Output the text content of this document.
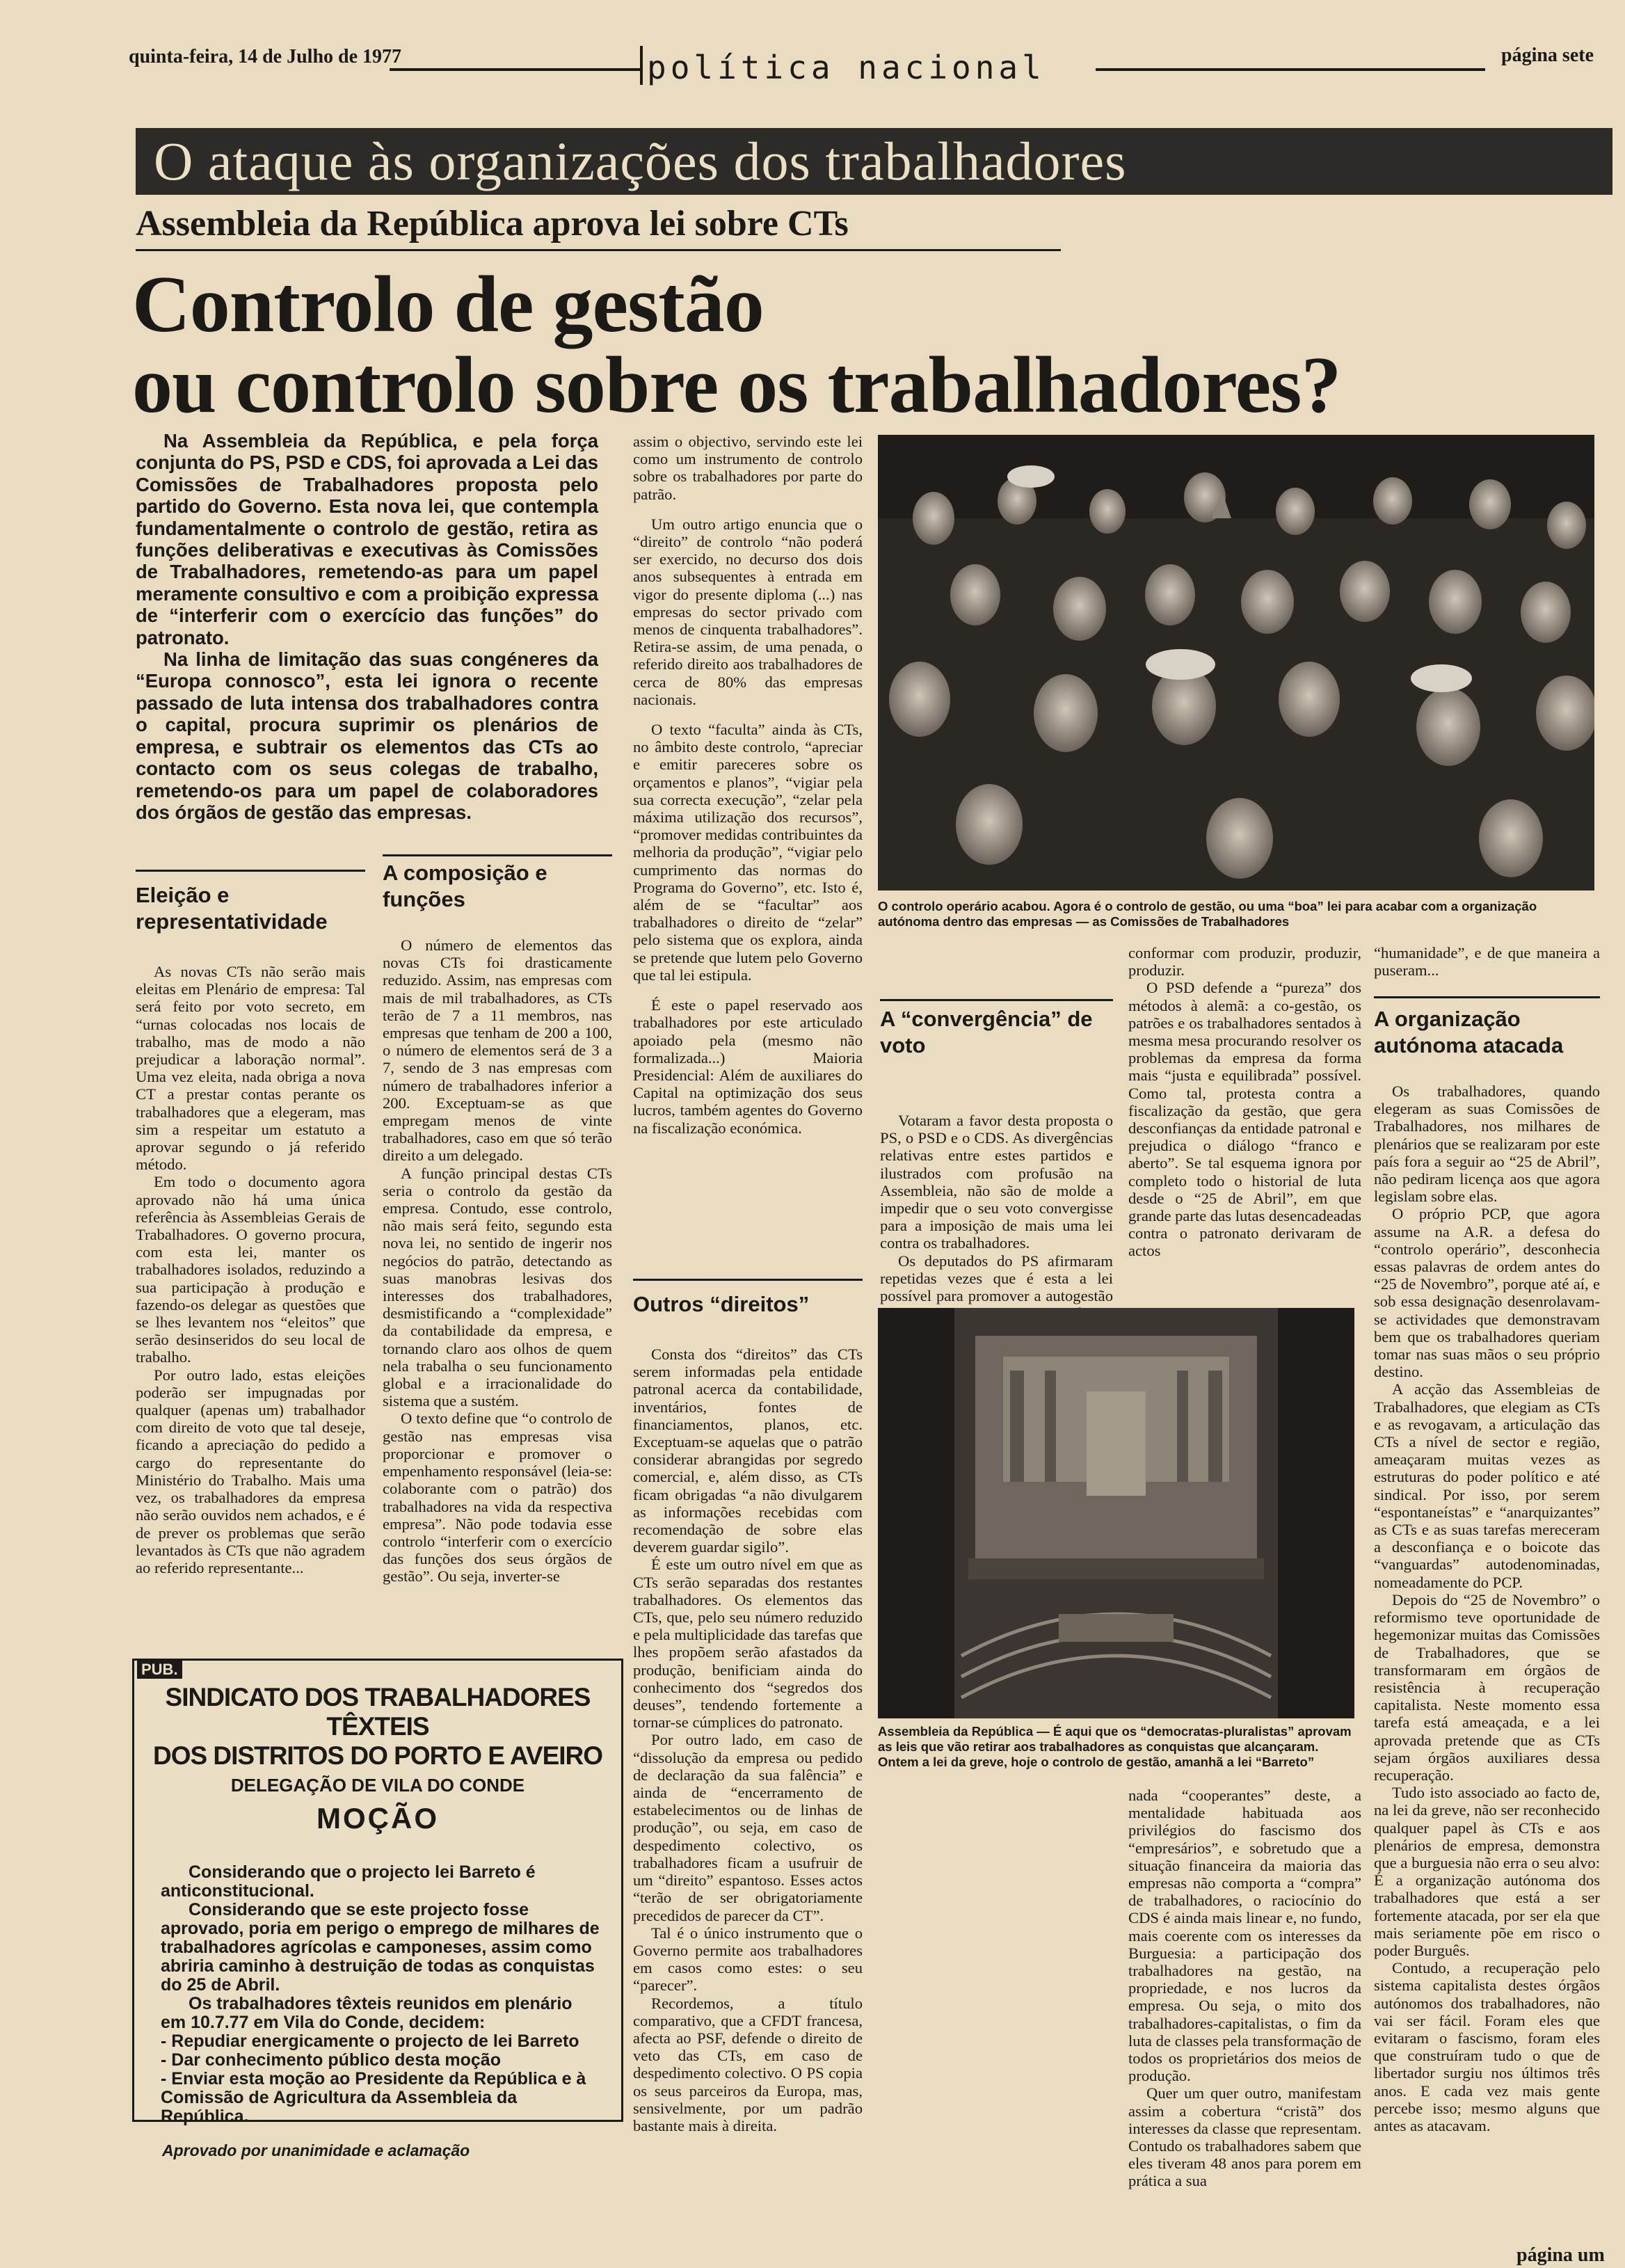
quinta-feira, 14 de Julho de 1977	política nacional	página sete
O ataque às organizações dos trabalhadores
Assembleia da República aprova lei sobre CTs
Controlo de gestão
ou controlo sobre os trabalhadores?

Na Assembleia da República, e pela força conjunta do PS, PSD e CDS, foi aprovada a Lei das Comissões de Trabalhadores proposta pelo partido do Governo. Esta nova lei, que contempla fundamentalmente o controlo de gestão, retira as funções deliberativas e executivas às Comissões de Trabalhadores, remetendo-as para um papel meramente consultivo e com a proibição expressa de “interferir com o exercício das funções” do patronato.

Na linha de limitação das suas congéneres da “Europa connosco”, esta lei ignora o recente passado de luta intensa dos trabalhadores contra o capital, procura suprimir os plenários de empresa, e subtrair os elementos das CTs ao contacto com os seus colegas de trabalho, remetendo-os para um papel de colaboradores dos órgãos de gestão das empresas.

Eleição e representatividade

As novas CTs não serão mais eleitas em Plenário de empresa: Tal será feito por voto secreto, em “urnas colocadas nos locais de trabalho, mas de modo a não prejudicar a laboração normal”. Uma vez eleita, nada obriga a nova CT a prestar contas perante os trabalhadores que a elegeram, mas sim a respeitar um estatuto a aprovar segundo o já referido método.

Em todo o documento agora aprovado não há uma única referência às Assembleias Gerais de Trabalhadores. O governo procura, com esta lei, manter os trabalhadores isolados, reduzindo a sua participação à produção e fazendo-os delegar as questões que se lhes levantem nos “eleitos” que serão desinseridos do seu local de trabalho.

Por outro lado, estas eleições poderão ser impugnadas por qualquer (apenas um) trabalhador com direito de voto que tal deseje, ficando a apreciação do pedido a cargo do representante do Ministério do Trabalho. Mais uma vez, os trabalhadores da empresa não serão ouvidos nem achados, e é de prever os problemas que serão levantados às CTs que não agradem ao referido representante...

A composição e funções

O número de elementos das novas CTs foi drasticamente reduzido. Assim, nas empresas com mais de mil trabalhadores, as CTs terão de 7 a 11 membros, nas empresas que tenham de 200 a 100, o número de elementos será de 3 a 7, sendo de 3 nas empresas com número de trabalhadores inferior a 200. Exceptuam-se as que empregam menos de vinte trabalhadores, caso em que só terão direito a um delegado.

A função principal destas CTs seria o controlo da gestão da empresa. Contudo, esse controlo, não mais será feito, segundo esta nova lei, no sentido de ingerir nos negócios do patrão, detectando as suas manobras lesivas dos interesses dos trabalhadores, desmistificando a “complexidade” da contabilidade da empresa, e tornando claro aos olhos de quem nela trabalha o seu funcionamento global e a irracionalidade do sistema que a sustém.

O texto define que “o controlo de gestão nas empresas visa proporcionar e promover o empenhamento responsável (leia-se: colaborante com o patrão) dos trabalhadores na vida da respectiva empresa”. Não pode todavia esse controlo “interferir com o exercício das funções dos seus órgãos de gestão”. Ou seja, inverter-se

assim o objectivo, servindo este lei como um instrumento de controlo sobre os trabalhadores por parte do patrão.

Um outro artigo enuncia que o “direito” de controlo “não poderá ser exercido, no decurso dos dois anos subsequentes à entrada em vigor do presente diploma (...) nas empresas do sector privado com menos de cinquenta trabalhadores”. Retira-se assim, de uma penada, o referido direito aos trabalhadores de cerca de 80% das empresas nacionais.

O texto “faculta” ainda às CTs, no âmbito deste controlo, “apreciar e emitir pareceres sobre os orçamentos e planos”, “vigiar pela sua correcta execução”, “zelar pela máxima utilização dos recursos”, “promover medidas contribuintes da melhoria da produção”, “vigiar pelo cumprimento das normas do Programa do Governo”, etc. Isto é, além de se “facultar” aos trabalhadores o direito de “zelar” pelo sistema que os explora, ainda se pretende que lutem pelo Governo que tal lei estipula.

É este o papel reservado aos trabalhadores por este articulado apoiado pela (mesmo não formalizada...) Maioria Presidencial: Além de auxiliares do Capital na optimização dos seus lucros, também agentes do Governo na fiscalização económica.

Outros “direitos”

Consta dos “direitos” das CTs serem informadas pela entidade patronal acerca da contabilidade, inventários, fontes de financiamentos, planos, etc. Exceptuam-se aquelas que o patrão considerar abrangidas por segredo comercial, e, além disso, as CTs ficam obrigadas “a não divulgarem as informações recebidas com recomendação de sobre elas deverem guardar sigilo”.

É este um outro nível em que as CTs serão separadas dos restantes trabalhadores. Os elementos das CTs, que, pelo seu número reduzido e pela multiplicidade das tarefas que lhes propõem serão afastados da produção, benificiam ainda do conhecimento dos “segredos dos deuses”, tendendo fortemente a tornar-se cúmplices do patronato.

Por outro lado, em caso de “dissolução da empresa ou pedido de declaração da sua falência” e ainda de “encerramento de estabelecimentos ou de linhas de produção”, ou seja, em caso de despedimento colectivo, os trabalhadores ficam a usufruir de um “direito” espantoso. Esses actos “terão de ser obrigatoriamente precedidos de parecer da CT”.

Tal é o único instrumento que o Governo permite aos trabalhadores em casos como estes: o seu “parecer”.

Recordemos, a título comparativo, que a CFDT francesa, afecta ao PSF, defende o direito de veto das CTs, em caso de despedimento colectivo. O PS copia os seus parceiros da Europa, mas, sensivelmente, por um padrão bastante mais à direita.

O controlo operário acabou. Agora é o controlo de gestão, ou uma “boa” lei para acabar com a organização autónoma dentro das empresas — as Comissões de Trabalhadores
A “convergência” de voto

Votaram a favor desta proposta o PS, o PSD e o CDS. As divergências relativas entre estes partidos e ilustrados com profusão na Assembleia, não são de molde a impedir que o seu voto convergisse para a imposição de mais uma lei contra os trabalhadores.

Os deputados do PS afirmaram repetidas vezes que é esta a lei possível para promover a autogestão

Assembleia da República — É aqui que os “democratas-pluralistas” aprovam as leis que vão retirar aos trabalhadores as conquistas que alcançaram. Ontem a lei da greve, hoje o controlo de gestão, amanhã a lei “Barreto”

conformar com produzir, produzir, produzir.

O PSD defende a “pureza” dos métodos à alemã: a co-gestão, os patrões e os trabalhadores sentados à mesma mesa procurando resolver os problemas da empresa da forma mais “justa e equilibrada” possível. Como tal, protesta contra a fiscalização da gestão, que gera desconfianças da entidade patronal e prejudica o diálogo “franco e aberto”. Se tal esquema ignora por completo todo o historial de luta desde o “25 de Abril”, em que grande parte das lutas desencadeadas contra o patronato derivaram de actos

nada “cooperantes” deste, a mentalidade habituada aos privilégios do fascismo dos “empresários”, e sobretudo que a situação financeira da maioria das empresas não comporta a “compra” de trabalhadores, o raciocínio do CDS é ainda mais linear e, no fundo, mais coerente com os interesses da Burguesia: a participação dos trabalhadores na gestão, na propriedade, e nos lucros da empresa. Ou seja, o mito dos trabalhadores-capitalistas, o fim da luta de classes pela transformação de todos os proprietários dos meios de produção.

Quer um quer outro, manifestam assim a cobertura “cristã” dos interesses da classe que representam. Contudo os trabalhadores sabem que eles tiveram 48 anos para porem em prática a sua

“humanidade”, e de que maneira a puseram...

A organização autónoma atacada

Os trabalhadores, quando elegeram as suas Comissões de Trabalhadores, nos milhares de plenários que se realizaram por este país fora a seguir ao “25 de Abril”, não pediram licença aos que agora legislam sobre elas.

O próprio PCP, que agora assume na A.R. a defesa do “controlo operário”, desconhecia essas palavras de ordem antes do “25 de Novembro”, porque até aí, e sob essa designação desenrolavam-se actividades que demonstravam bem que os trabalhadores queriam tomar nas suas mãos o seu próprio destino.

A acção das Assembleias de Trabalhadores, que elegiam as CTs e as revogavam, a articulação das CTs a nível de sector e região, ameaçaram muitas vezes as estruturas do poder político e até sindical. Por isso, por serem “espontaneístas” e “anarquizantes” as CTs e as suas tarefas mereceram a desconfiança e o boicote das “vanguardas” autodenominadas, nomeadamente do PCP.

Depois do “25 de Novembro” o reformismo teve oportunidade de hegemonizar muitas das Comissões de Trabalhadores, que se transformaram em órgãos de resistência à recuperação capitalista. Neste momento essa tarefa está ameaçada, e a lei aprovada pretende que as CTs sejam órgãos auxiliares dessa recuperação.

Tudo isto associado ao facto de, na lei da greve, não ser reconhecido qualquer papel às CTs e aos plenários de empresa, demonstra que a burguesia não erra o seu alvo: É a organização autónoma dos trabalhadores que está a ser fortemente atacada, por ser ela que mais seriamente põe em risco o poder Burguês.

Contudo, a recuperação pelo sistema capitalista destes órgãos autónomos dos trabalhadores, não vai ser fácil. Foram eles que evitaram o fascismo, foram eles que construíram tudo o que de libertador surgiu nos últimos três anos. E cada vez mais gente percebe isso; mesmo alguns que antes as atacavam.

página um
PUB.
SINDICATO DOS TRABALHADORES TÊXTEIS
DOS DISTRITOS DO PORTO E AVEIRO
DELEGAÇÃO DE VILA DO CONDE
MOÇÃO

Considerando que o projecto lei Barreto é anticonstitucional.

Considerando que se este projecto fosse aprovado, poria em perigo o emprego de milhares de trabalhadores agrícolas e camponeses, assim como abriria caminho à destruição de todas as conquistas do 25 de Abril.

Os trabalhadores têxteis reunidos em plenário em 10.7.77 em Vila do Conde, decidem:

- Repudiar energicamente o projecto de lei Barreto

- Dar conhecimento público desta moção

- Enviar esta moção ao Presidente da República e à Comissão de Agricultura da Assembleia da República.

Aprovado por unanimidade e aclamação
